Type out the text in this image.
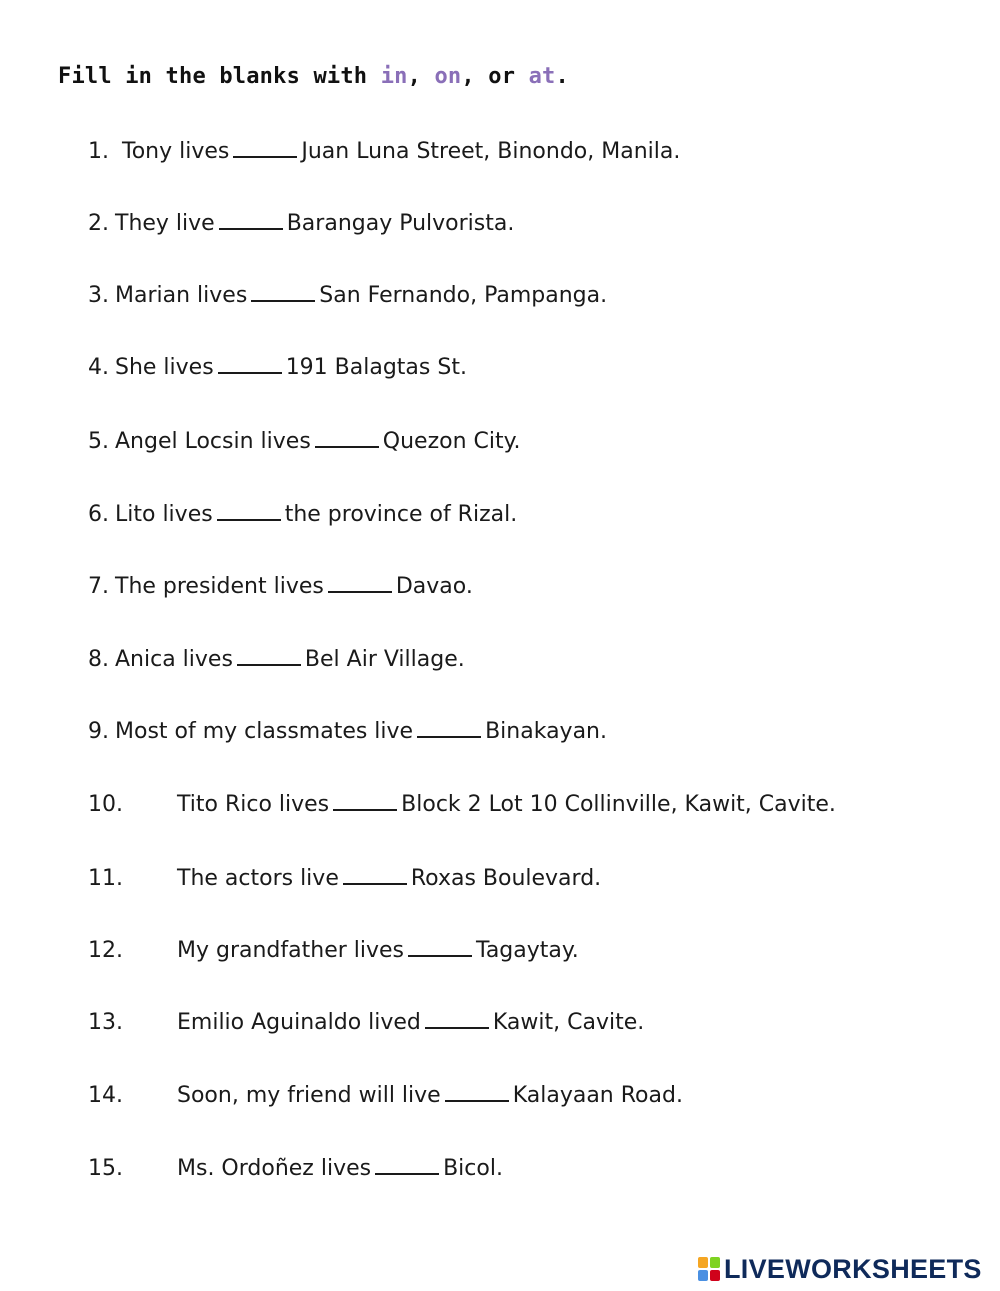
Fill in the blanks with in, on, or at.
1. Tony lives	Juan Luna Street, Binondo, Manila.
2. They live	Barangay Pulvorista.
3. Marian lives	San Fernando, Pampanga.
4. She lives	191 Balagtas St.
5. Angel Locsin lives	Quezon City.
6. Lito lives	the province of Rizal.
7. The president lives	Davao.
8. Anica lives	Bel Air Village.
9. Most of my classmates live	Binakayan.
10. Tito Rico lives	Block 2 Lot 10 Collinville, Kawit, Cavite.
11. The actors live	Roxas Boulevard.
12. My grandfather lives	Tagaytay.
13. Emilio Aguinaldo lived	Kawit, Cavite.
14. Soon, my friend will live	Kalayaan Road.
15. Ms. Ordoñez lives	Bicol.
LIVEWORKSHEETS
